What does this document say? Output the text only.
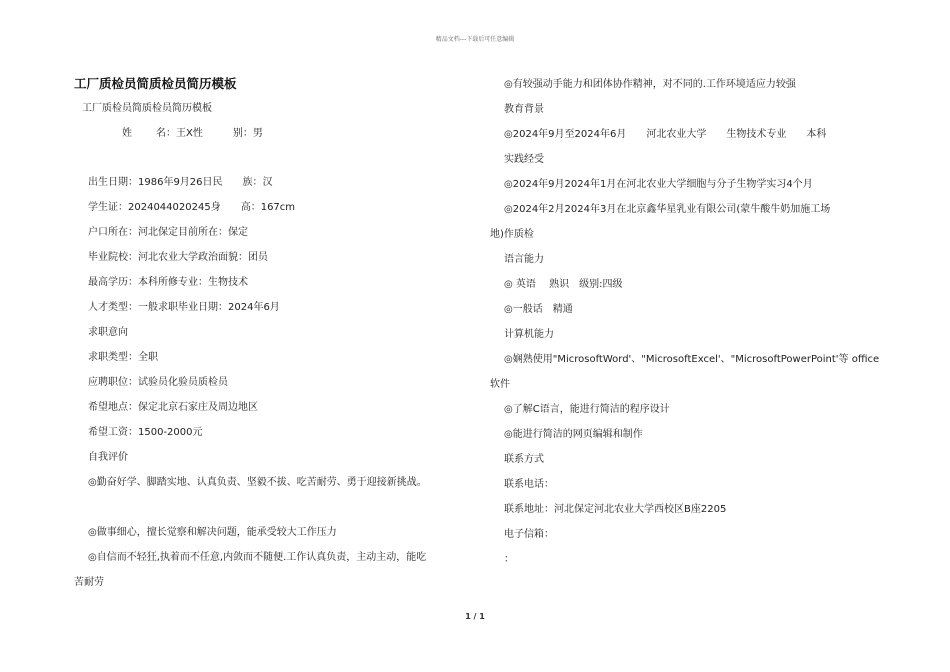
精品文档---下载后可任意编辑

工厂质检员简质检员简历模板

工厂质检员简质检员简历模板

姓 名：王X性	别：男

出生日期：1986年9月26日民　　族：汉

学生证：2024044020245身　　高：167cm

户口所在：河北保定目前所在：保定

毕业院校：河北农业大学政治面貌：团员

最高学历：本科所修专业：生物技术

人才类型：一般求职毕业日期：2024年6月

求职意向

求职类型：全职

应聘职位：试验员化验员质检员

希望地点：保定北京石家庄及周边地区

希望工资：1500-2000元

自我评价

◎勤奋好学、脚踏实地、认真负责、坚毅不拔、吃苦耐劳、勇于迎接新挑战。

◎做事细心，擅长觉察和解决问题，能承受较大工作压力

◎自信而不轻狂,执着而不任意,内敛而不随便.工作认真负责，主动主动，能吃

苦耐劳

◎有较强动手能力和团体协作精神，对不同的.工作环境适应力较强

教育背景

◎2024年9月至2024年6月　　河北农业大学　　生物技术专业　　本科

实践经受

◎2024年9月2024年1月在河北农业大学细胞与分子生物学实习4个月

◎2024年2月2024年3月在北京鑫华星乳业有限公司(蒙牛酸牛奶加施工场

地)作质检

语言能力

◎ 英语　 熟识　级别:四级

◎一般话　精通

计算机能力

◎娴熟使用"MicrosoftWord'、"MicrosoftExcel'、"MicrosoftPowerPoint'等 office

软件

◎了解C语言，能进行简洁的程序设计

◎能进行简洁的网页编辑和制作

联系方式

联系电话：

联系地址：河北保定河北农业大学西校区B座2205

电子信箱：

：

1 / 1
